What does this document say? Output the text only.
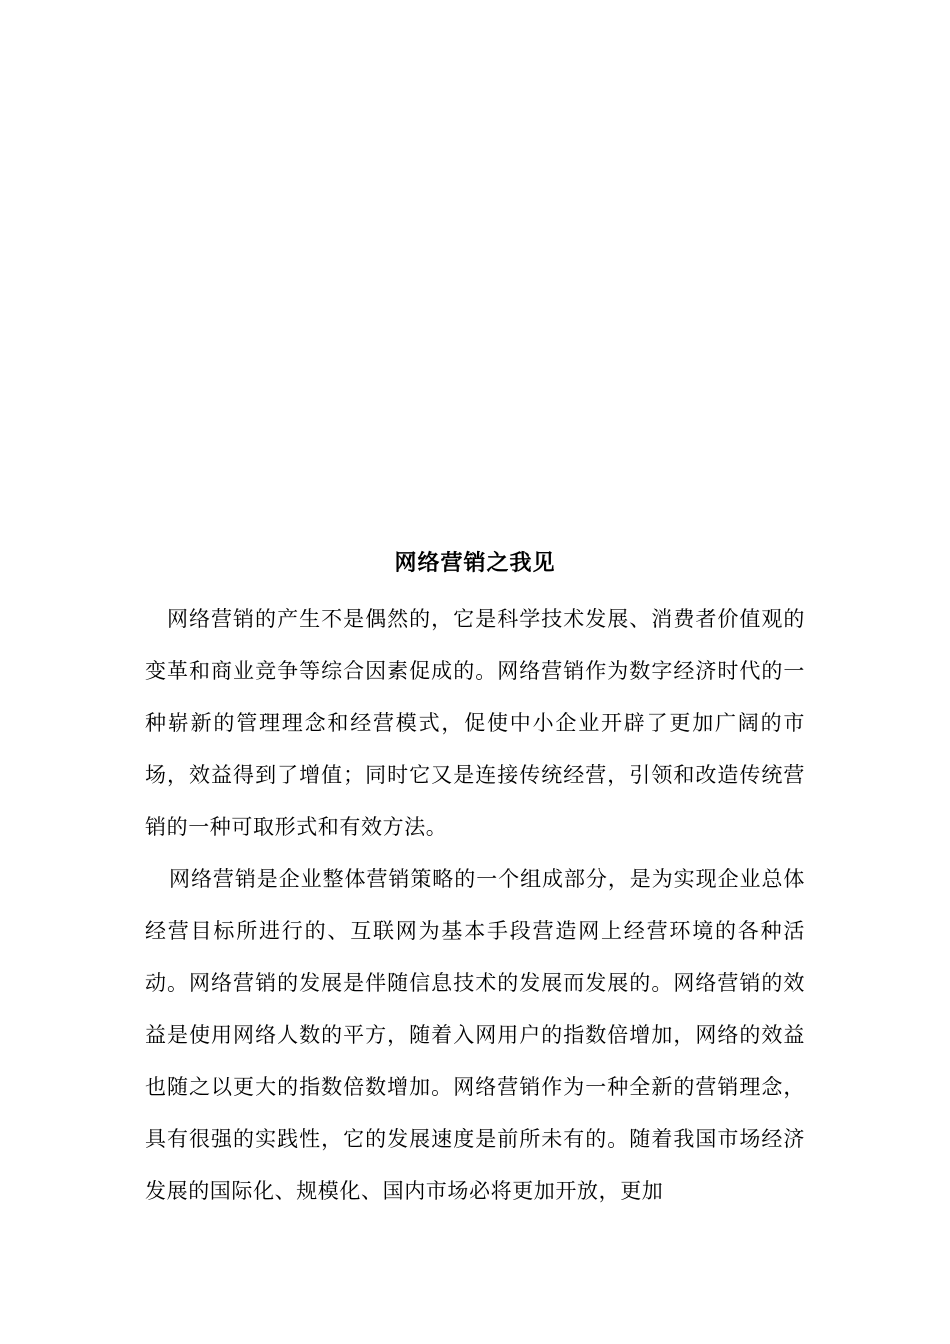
网络营销之我见

网络营销的产生不是偶然的，它是科学技术发展、消费者价值观的变革和商业竞争等综合因素促成的。网络营销作为数字经济时代的一种崭新的管理理念和经营模式，促使中小企业开辟了更加广阔的市场，效益得到了增值；同时它又是连接传统经营，引领和改造传统营销的一种可取形式和有效方法。

网络营销是企业整体营销策略的一个组成部分，是为实现企业总体经营目标所进行的、互联网为基本手段营造网上经营环境的各种活动。网络营销的发展是伴随信息技术的发展而发展的。网络营销的效益是使用网络人数的平方，随着入网用户的指数倍增加，网络的效益也随之以更大的指数倍数增加。网络营销作为一种全新的营销理念，具有很强的实践性，它的发展速度是前所未有的。随着我国市场经济发展的国际化、规模化、国内市场必将更加开放，更加
